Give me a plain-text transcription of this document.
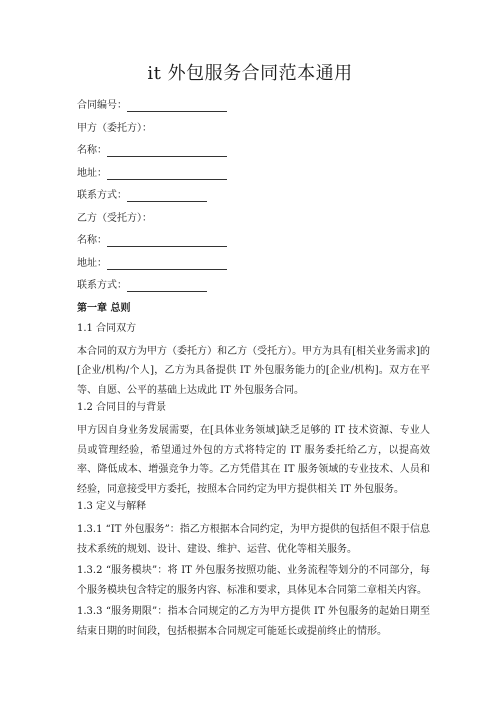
it 外包服务合同范本通用
合同编号：
甲方（委托方）：
名称：
地址：
联系方式：
乙方（受托方）：
名称：
地址：
联系方式：
第一章 总则
1.1 合同双方
本合同的双方为甲方（委托方）和乙方（受托方）。甲方为具有[相关业务需求]的[企业/机构/个人]，乙方为具备提供 IT 外包服务能力的[企业/机构]。双方在平等、自愿、公平的基础上达成此 IT 外包服务合同。
1.2 合同目的与背景
甲方因自身业务发展需要，在[具体业务领域]缺乏足够的 IT 技术资源、专业人员或管理经验，希望通过外包的方式将特定的 IT 服务委托给乙方，以提高效率、降低成本、增强竞争力等。乙方凭借其在 IT 服务领域的专业技术、人员和经验，同意接受甲方委托，按照本合同约定为甲方提供相关 IT 外包服务。
1.3 定义与解释
1.3.1 “IT 外包服务”：指乙方根据本合同约定，为甲方提供的包括但不限于信息技术系统的规划、设计、建设、维护、运营、优化等相关服务。
1.3.2 “服务模块”：将 IT 外包服务按照功能、业务流程等划分的不同部分，每个服务模块包含特定的服务内容、标准和要求，具体见本合同第二章相关内容。
1.3.3 “服务期限”：指本合同规定的乙方为甲方提供 IT 外包服务的起始日期至结束日期的时间段，包括根据本合同规定可能延长或提前终止的情形。
